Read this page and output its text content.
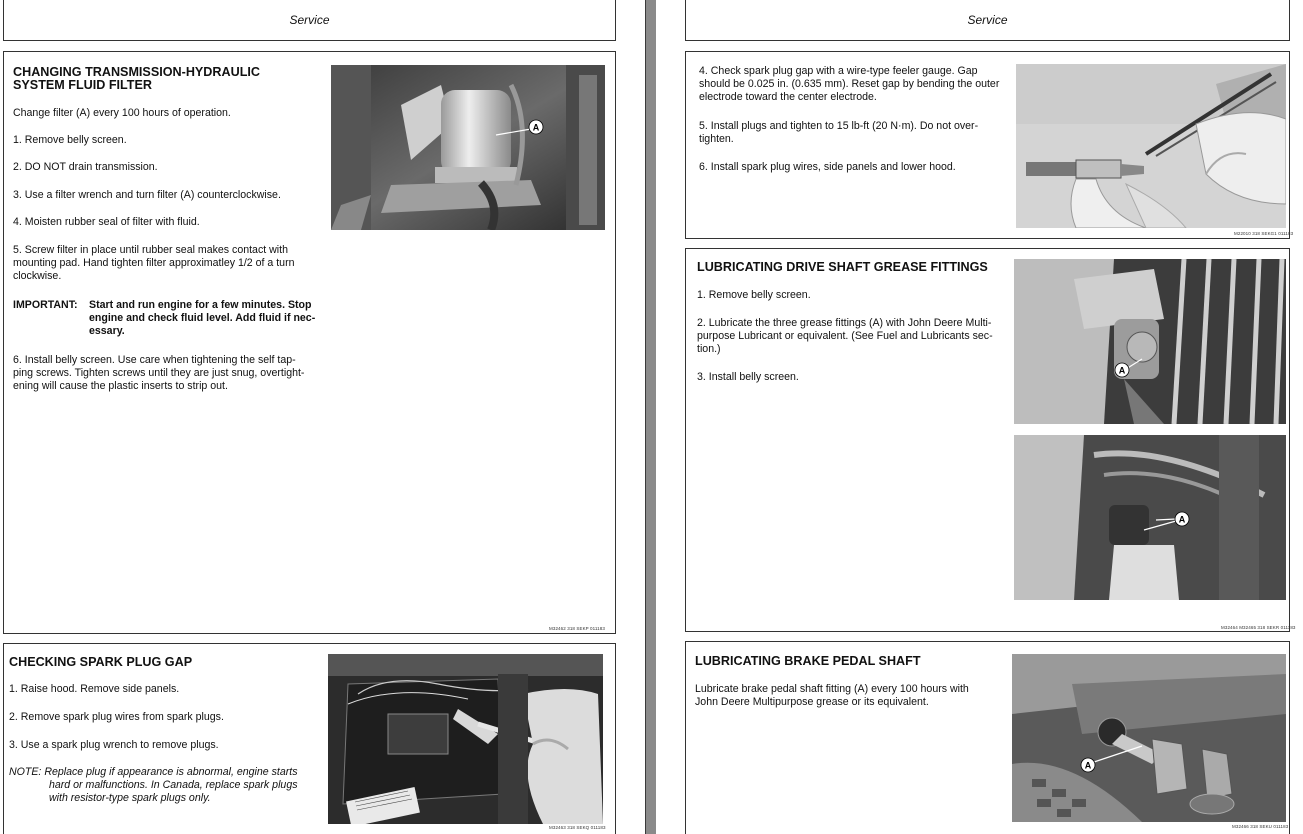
Service
CHANGING TRANSMISSION-HYDRAULIC
SYSTEM FLUID FILTER
Change filter (A) every 100 hours of operation.
1. Remove belly screen.
2. DO NOT drain transmission.
3. Use a filter wrench and turn filter (A) counterclockwise.
4. Moisten rubber seal of filter with fluid.
5. Screw filter in place until rubber seal makes contact with
mounting pad. Hand tighten filter approximatley 1/2 of a turn
clockwise.
IMPORTANT: Start and run engine for a few minutes. Stop
engine and check fluid level. Add fluid if nec-
essary.
6. Install belly screen. Use care when tightening the self tap-
ping screws. Tighten screws until they are just snug, overtight-
ening will cause the plastic inserts to strip out.
A
M32462 318 SEKP 011183
CHECKING SPARK PLUG GAP
1. Raise hood. Remove side panels.
2. Remove spark plug wires from spark plugs.
3. Use a spark plug wrench to remove plugs.
NOTE: Replace plug if appearance is abnormal, engine starts
hard or malfunctions. In Canada, replace spark plugs
with resistor-type spark plugs only.
M32463 318 SEKQ 011183
Service
4. Check spark plug gap with a wire-type feeler gauge. Gap
should be 0.025 in. (0.635 mm). Reset gap by bending the outer
electrode toward the center electrode.
5. Install plugs and tighten to 15 lb-ft (20 N·m). Do not over-
tighten.
6. Install spark plug wires, side panels and lower hood.
M22010 318 SEKG1 011183
LUBRICATING DRIVE SHAFT GREASE FITTINGS
1. Remove belly screen.
2. Lubricate the three grease fittings (A) with John Deere Multi-
purpose Lubricant or equivalent. (See Fuel and Lubricants sec-
tion.)
3. Install belly screen.
A
A
M32464 M32465 318 SEKR 011183
LUBRICATING BRAKE PEDAL SHAFT
Lubricate brake pedal shaft fitting (A) every 100 hours with
John Deere Multipurpose grease or its equivalent.
A
M32466 318 SEKU 011183
